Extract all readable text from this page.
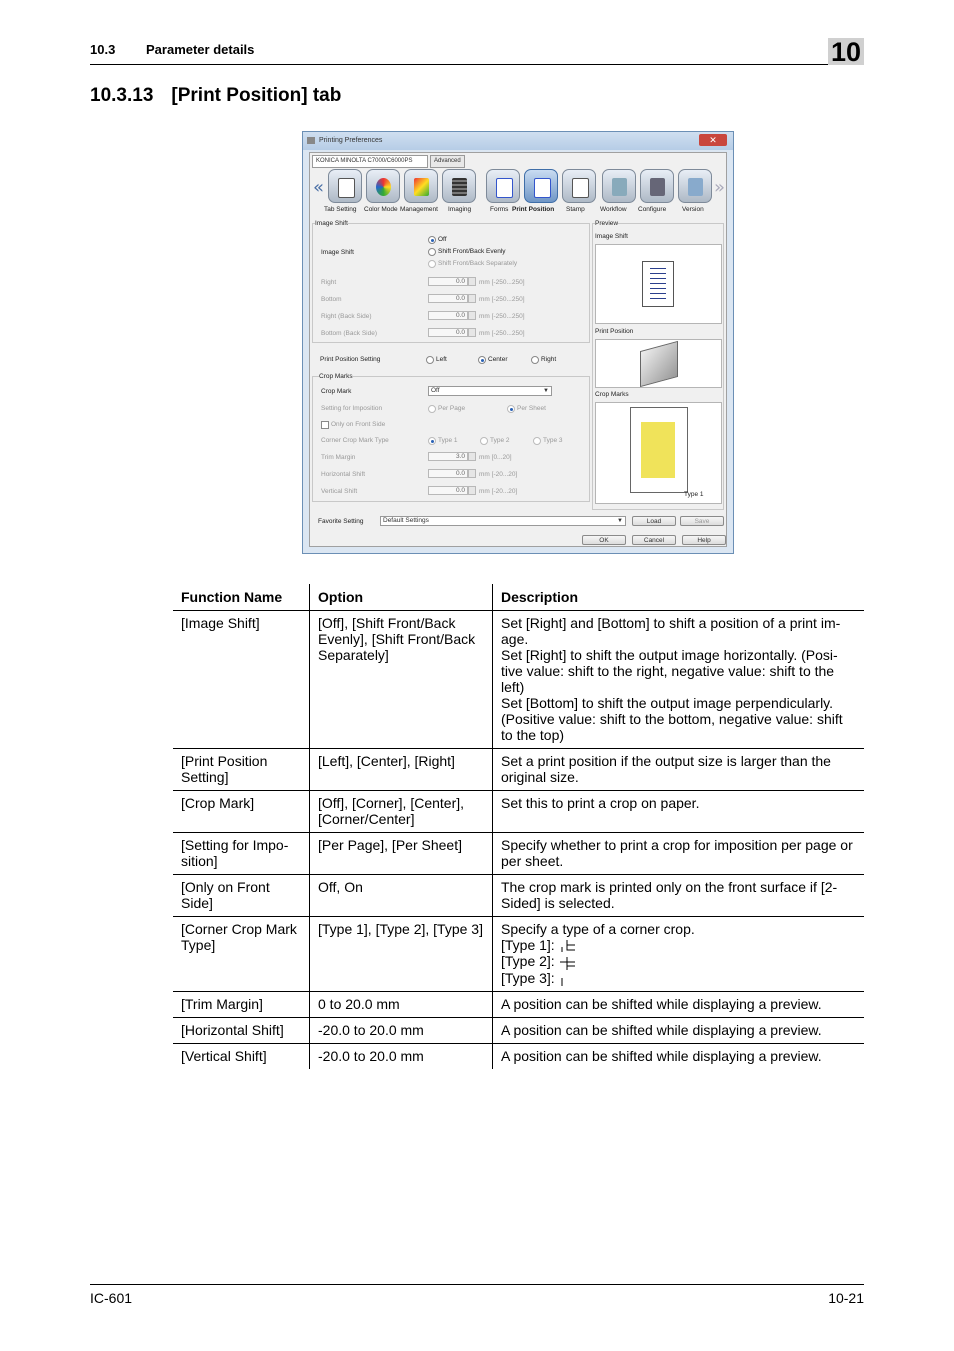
10.3 Parameter details	10
10.3.13 [Print Position] tab
Printing Preferences	✕
KONICA MINOLTA C7000/C6000PS	Advanced
«	»
Tab Setting Color Mode Management Imaging	Forms Print Position Stamp Workflow Configure Version
Image Shift
Image Shift
Off
Shift Front/Back Evenly
Shift Front/Back Separately
Right	0.0	mm [-250...250]
Bottom	0.0	mm [-250...250]
Right (Back Side)	0.0	mm [-250...250]
Bottom (Back Side)	0.0	mm [-250...250]
Print Position Setting	Left	Center	Right
Crop Marks
Crop Mark	Off	▼
Setting for Imposition	Per Page	Per Sheet
Only on Front Side
Corner Crop Mark Type	Type 1	Type 2	Type 3
Trim Margin	3.0	mm [0...20]
Horizontal Shift	0.0	mm [-20...20]
Vertical Shift	0.0	mm [-20...20]
Preview
Image Shift
Print Position
Crop Marks
Type 1
Favorite Setting	Default Settings	▼	Load	Save
OK	Cancel	Help
Function Name	Option	Description
[Image Shift]	[Off], [Shift Front/Back Evenly], [Shift Front/Back Separately]	Set [Right] and [Bottom] to shift a position of a print im-age.
Set [Right] to shift the output image horizontally. (Posi-tive value: shift to the right, negative value: shift to the left)
Set [Bottom] to shift the output image perpendicularly. (Positive value: shift to the bottom, negative value: shift to the top)

[Print Position Setting]	[Left], [Center], [Right]	Set a print position if the output size is larger than the original size.
[Crop Mark]	[Off], [Corner], [Center], [Corner/Center]	Set this to print a crop on paper.
[Setting for Impo-sition]	[Per Page], [Per Sheet]	Specify whether to print a crop for imposition per page or per sheet.
[Only on Front Side]	Off, On	The crop mark is printed only on the front surface if [2-Sided] is selected.
[Corner Crop Mark Type]	[Type 1], [Type 2], [Type 3]	Specify a type of a corner crop.
[Type 1]:
[Type 2]:
[Type 3]:

[Trim Margin]	0 to 20.0 mm	A position can be shifted while displaying a preview.
[Horizontal Shift]	-20.0 to 20.0 mm	A position can be shifted while displaying a preview.
[Vertical Shift]	-20.0 to 20.0 mm	A position can be shifted while displaying a preview.
IC-601	10-21
